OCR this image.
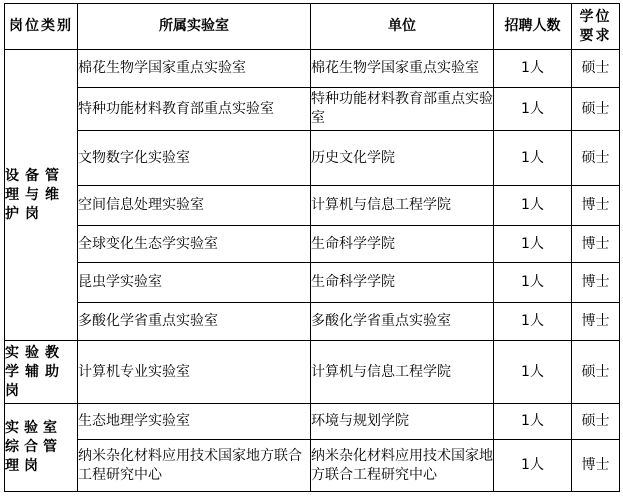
岗位类别	所属实验室	单位	招聘人数	学位要求
设备管理与维护岗	棉花生物学国家重点实验室	棉花生物学国家重点实验室	1人	硕士
	特种功能材料教育部重点实验室	特种功能材料教育部重点实验室	1人	硕士
	文物数字化实验室	历史文化学院	1人	硕士
	空间信息处理实验室	计算机与信息工程学院	1人	博士
	全球变化生态学实验室	生命科学学院	1人	博士
	昆虫学实验室	生命科学学院	1人	博士
	多酸化学省重点实验室	多酸化学省重点实验室	1人	博士
实验教学辅助岗	计算机专业实验室	计算机与信息工程学院	1人	硕士
实验室综合管理岗	生态地理学实验室	环境与规划学院	1人	硕士
	纳米杂化材料应用技术国家地方联合工程研究中心	纳米杂化材料应用技术国家地方联合工程研究中心	1人	博士
